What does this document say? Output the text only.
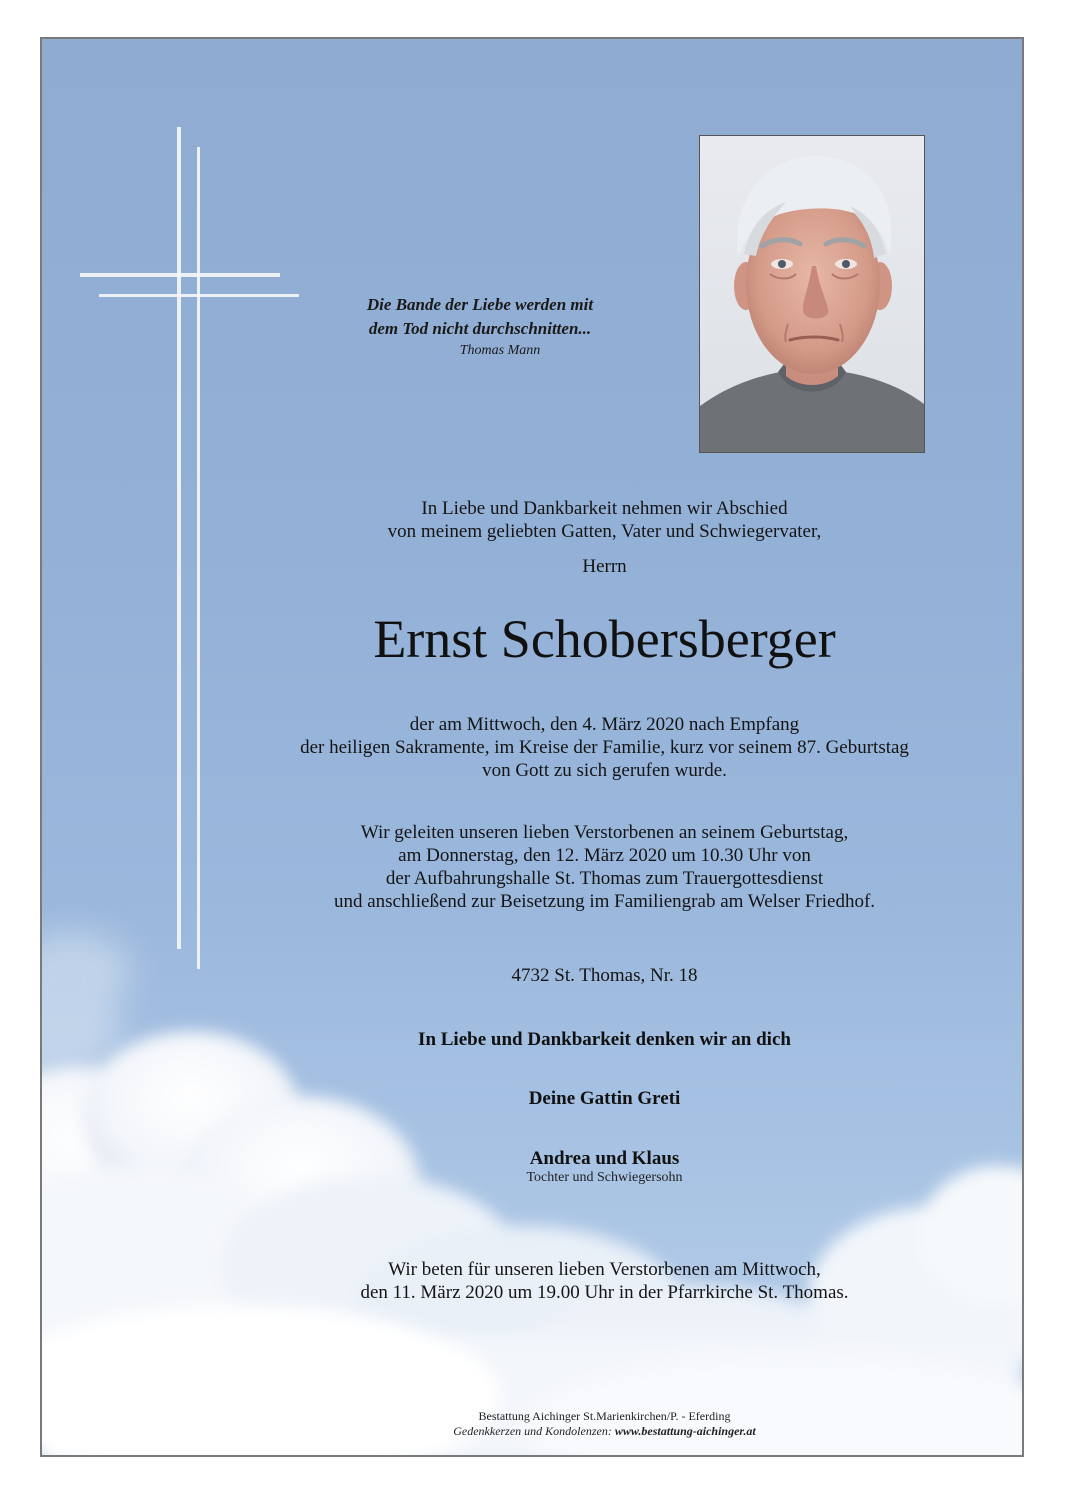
Die Bande der Liebe werden mit
dem Tod nicht durchschnitten...
Thomas Mann
In Liebe und Dankbarkeit nehmen wir Abschied
von meinem geliebten Gatten, Vater und Schwiegervater,
Herrn
Ernst Schobersberger
der am Mittwoch, den 4. März 2020 nach Empfang
der heiligen Sakramente, im Kreise der Familie, kurz vor seinem 87. Geburtstag
von Gott zu sich gerufen wurde.
Wir geleiten unseren lieben Verstorbenen an seinem Geburtstag,
am Donnerstag, den 12. März 2020 um 10.30 Uhr von
der Aufbahrungshalle St. Thomas zum Trauergottesdienst
und anschließend zur Beisetzung im Familiengrab am Welser Friedhof.
4732 St. Thomas, Nr. 18
In Liebe und Dankbarkeit denken wir an dich
Deine Gattin Greti
Andrea und Klaus
Tochter und Schwiegersohn
Wir beten für unseren lieben Verstorbenen am Mittwoch,
den 11. März 2020 um 19.00 Uhr in der Pfarrkirche St. Thomas.
Bestattung Aichinger St.Marienkirchen/P. - Eferding
Gedenkkerzen und Kondolenzen: www.bestattung-aichinger.at
